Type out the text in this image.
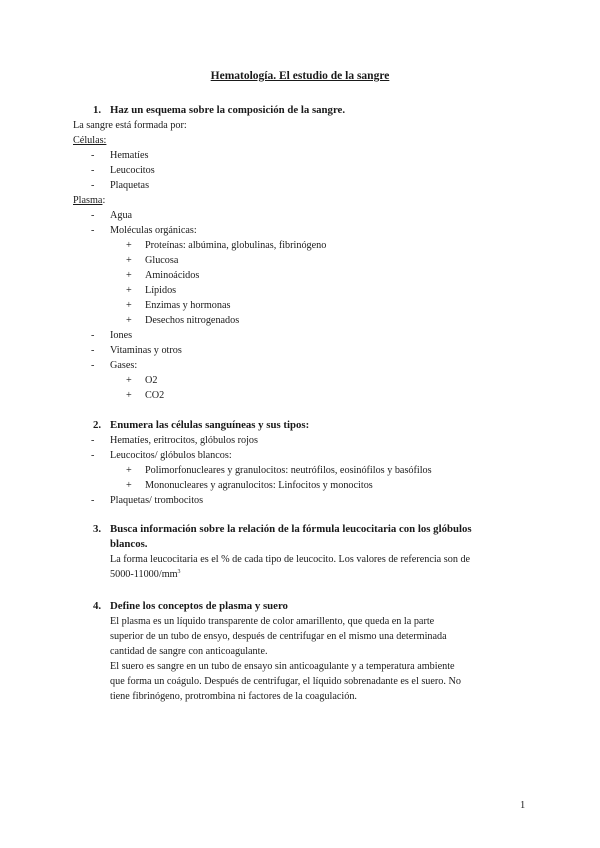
Hematología. El estudio de la sangre
1. Haz un esquema sobre la composición de la sangre.
La sangre está formada por:
Células:
- Hematíes
- Leucocitos
- Plaquetas
Plasma:
- Agua
- Moléculas orgánicas:
+ Proteínas: albúmina, globulinas, fibrinógeno
+ Glucosa
+ Aminoácidos
+ Lípidos
+ Enzimas y hormonas
+ Desechos nitrogenados
- Iones
- Vitaminas y otros
- Gases:
+ O2
+ CO2
2. Enumera las células sanguíneas y sus tipos:
- Hematíes, eritrocitos, glóbulos rojos
- Leucocitos/ glóbulos blancos:
+ Polimorfonucleares y granulocitos: neutrófilos, eosinófilos y basófilos
+ Mononucleares y agranulocitos: Linfocitos y monocitos
- Plaquetas/ trombocitos
3. Busca información sobre la relación de la fórmula leucocitaria con los glóbulos
blancos.
La forma leucocitaria es el % de cada tipo de leucocito. Los valores de referencia son de
$5000-11000/mm^3$
4. Define los conceptos de plasma y suero
El plasma es un líquido transparente de color amarillento, que queda en la parte
superior de un tubo de ensyo, después de centrifugar en el mismo una determinada
cantidad de sangre con anticoagulante.
El suero es sangre en un tubo de ensayo sin anticoagulante y a temperatura ambiente
que forma un coágulo. Después de centrifugar, el líquido sobrenadante es el suero. No
tiene fibrinógeno, protrombina ni factores de la coagulación.
1
